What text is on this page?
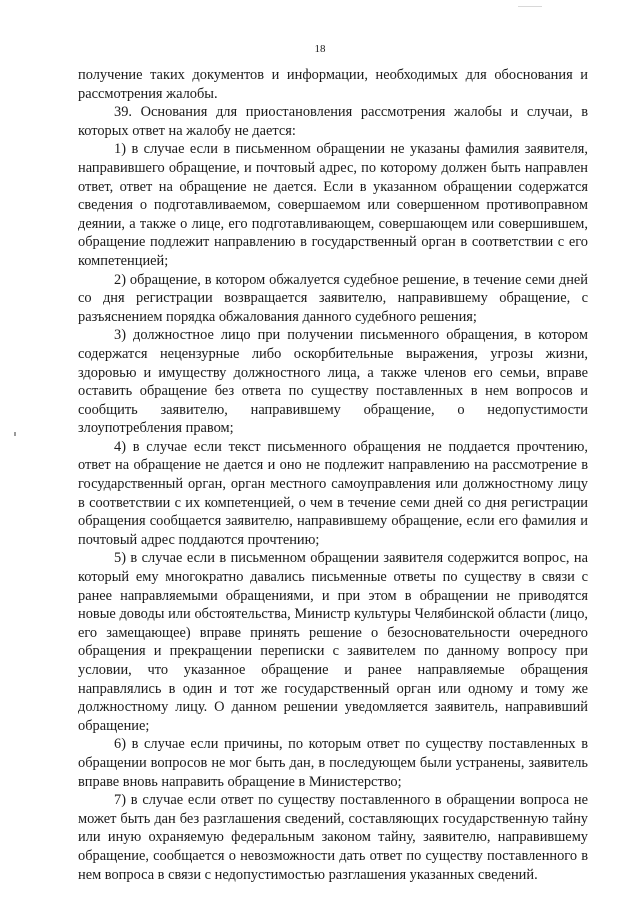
18

получение таких документов и информации, необходимых для обоснования и рассмотрения жалобы.

39. Основания для приостановления рассмотрения жалобы и случаи, в которых ответ на жалобу не дается:

1) в случае если в письменном обращении не указаны фамилия заявителя, направившего обращение, и почтовый адрес, по которому должен быть направлен ответ, ответ на обращение не дается. Если в указанном обращении содержатся сведения о подготавливаемом, совершаемом или совершенном противоправном деянии, а также о лице, его подготавливающем, совершающем или совершившем, обращение подлежит направлению в государственный орган в соответствии с его компетенцией;

2) обращение, в котором обжалуется судебное решение, в течение семи дней со дня регистрации возвращается заявителю, направившему обращение, с разъяснением порядка обжалования данного судебного решения;

3) должностное лицо при получении письменного обращения, в котором содержатся нецензурные либо оскорбительные выражения, угрозы жизни, здоровью и имуществу должностного лица, а также членов его семьи, вправе оставить обращение без ответа по существу поставленных в нем вопросов и сообщить заявителю, направившему обращение, о недопустимости злоупотребления правом;

4) в случае если текст письменного обращения не поддается прочтению, ответ на обращение не дается и оно не подлежит направлению на рассмотрение в государственный орган, орган местного самоуправления или должностному лицу в соответствии с их компетенцией, о чем в течение семи дней со дня регистрации обращения сообщается заявителю, направившему обращение, если его фамилия и почтовый адрес поддаются прочтению;

5) в случае если в письменном обращении заявителя содержится вопрос, на который ему многократно давались письменные ответы по существу в связи с ранее направляемыми обращениями, и при этом в обращении не приводятся новые доводы или обстоятельства, Министр культуры Челябинской области (лицо, его замещающее) вправе принять решение о безосновательности очередного обращения и прекращении переписки с заявителем по данному вопросу при условии, что указанное обращение и ранее направляемые обращения направлялись в один и тот же государственный орган или одному и тому же должностному лицу. О данном решении уведомляется заявитель, направивший обращение;

6) в случае если причины, по которым ответ по существу поставленных в обращении вопросов не мог быть дан, в последующем были устранены, заявитель вправе вновь направить обращение в Министерство;

7) в случае если ответ по существу поставленного в обращении вопроса не может быть дан без разглашения сведений, составляющих государственную тайну или иную охраняемую федеральным законом тайну, заявителю, направившему обращение, сообщается о невозможности дать ответ по существу поставленного в нем вопроса в связи с недопустимостью разглашения указанных сведений.
